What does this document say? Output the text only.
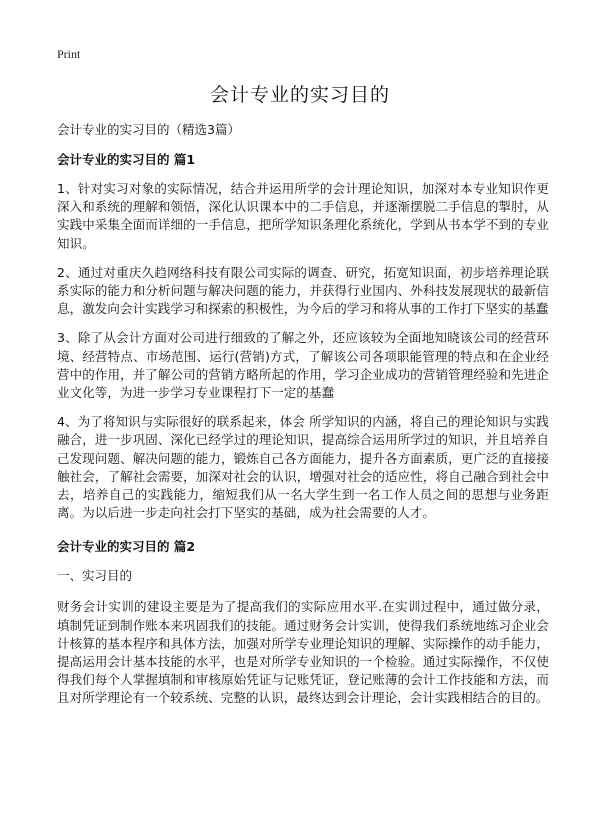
Print
会计专业的实习目的

会计专业的实习目的（精选3篇）

会计专业的实习目的 篇1

1、针对实习对象的实际情况，结合并运用所学的会计理论知识，加深对本专业知识作更深入和系统的理解和领悟，深化认识课本中的二手信息，并逐渐摆脱二手信息的掣肘，从实践中采集全面而详细的一手信息，把所学知识条理化系统化，学到从书本学不到的专业知识。

2、通过对重庆久趋网络科技有限公司实际的调查、研究，拓宽知识面，初步培养理论联系实际的能力和分析问题与解决问题的能力，并获得行业国内、外科技发展现状的最新信息，激发向会计实践学习和探索的积极性，为今后的学习和将从事的工作打下坚实的基蠢

3、除了从会计方面对公司进行细致的了解之外，还应该较为全面地知晓该公司的经营环境、经营特点、市场范围、运行(营销)方式，了解该公司各项职能管理的特点和在企业经营中的作用，并了解公司的营销方略所起的作用，学习企业成功的营销管理经验和先进企业文化等，为进一步学习专业课程打下一定的基蠢

4、为了将知识与实际很好的联系起来，体会 所学知识的内涵，将自己的理论知识与实践融合，进一步巩固、深化已经学过的理论知识，提高综合运用所学过的知识，并且培养自己发现问题、解决问题的能力，锻炼自己各方面能力，提升各方面素质，更广泛的直接接触社会，了解社会需要，加深对社会的认识，增强对社会的适应性，将自己融合到社会中去，培养自己的实践能力，缩短我们从一名大学生到一名工作人员之间的思想与业务距离。为以后进一步走向社会打下坚实的基础，成为社会需要的人才。

会计专业的实习目的 篇2

一、实习目的

财务会计实训的建设主要是为了提高我们的实际应用水平.在实训过程中，通过做分录，填制凭证到制作账本来巩固我们的技能。通过财务会计实训，使得我们系统地练习企业会计核算的基本程序和具体方法，加强对所学专业理论知识的理解、实际操作的动手能力，提高运用会计基本技能的水平，也是对所学专业知识的一个检验。通过实际操作，不仅使得我们每个人掌握填制和审核原始凭证与记账凭证，登记账薄的会计工作技能和方法，而且对所学理论有一个较系统、完整的认识，最终达到会计理论，会计实践相结合的目的。
